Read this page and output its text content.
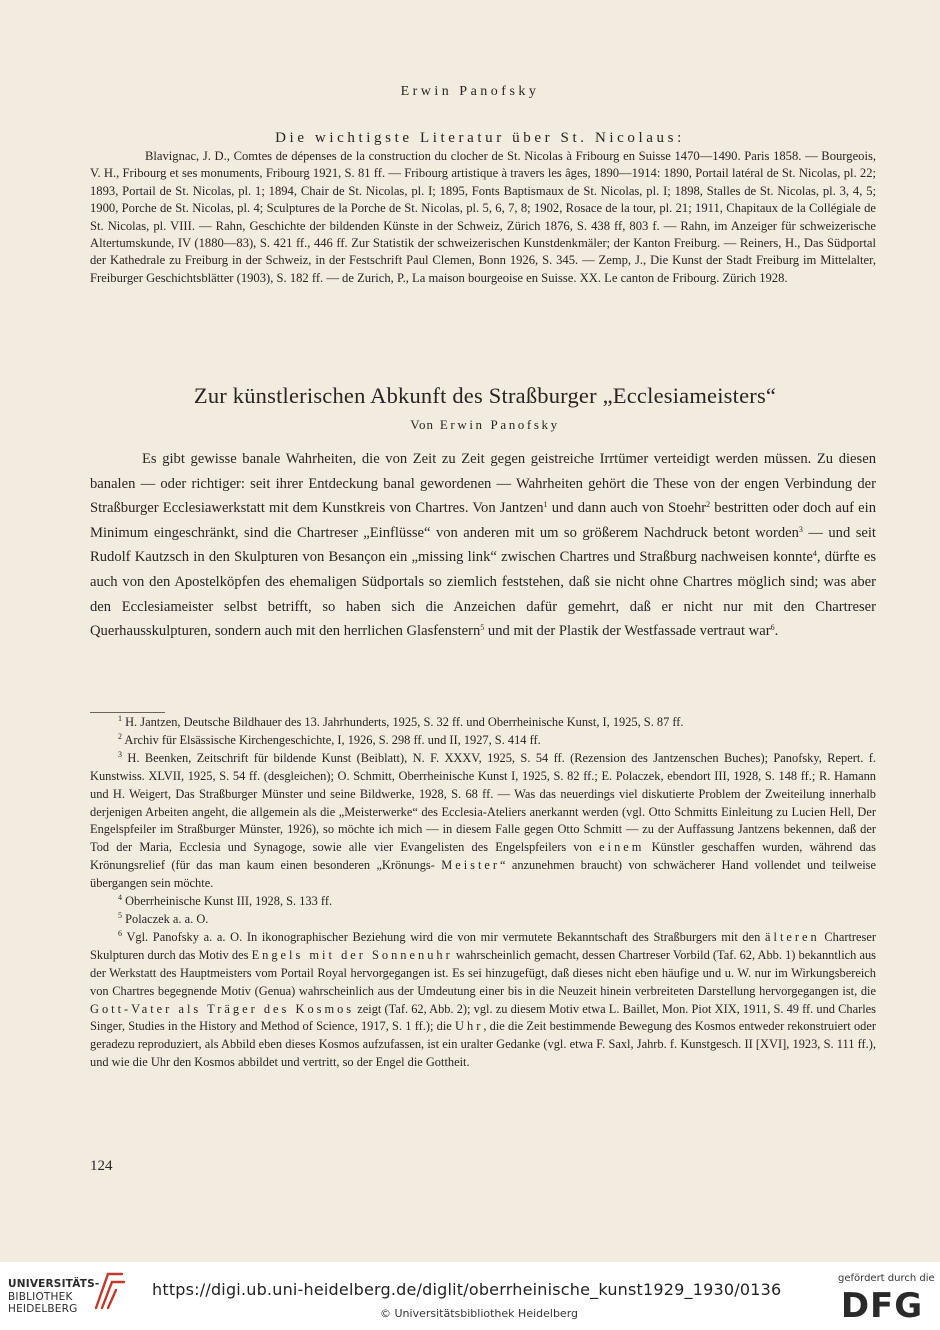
Erwin Panofsky
Die wichtigste Literatur über St. Nicolaus:

Blavignac, J. D., Comtes de dépenses de la construction du clocher de St. Nicolas à Fribourg en Suisse 1470—1490. Paris 1858. — Bourgeois, V. H., Fribourg et ses monuments, Fribourg 1921, S. 81 ff. — Fribourg artistique à travers les âges, 1890—1914: 1890, Portail latéral de St. Nicolas, pl. 22; 1893, Portail de St. Nicolas, pl. 1; 1894, Chair de St. Nicolas, pl. I; 1895, Fonts Baptismaux de St. Nicolas, pl. I; 1898, Stalles de St. Nicolas, pl. 3, 4, 5; 1900, Porche de St. Nicolas, pl. 4; Sculptures de la Porche de St. Nicolas, pl. 5, 6, 7, 8; 1902, Rosace de la tour, pl. 21; 1911, Chapitaux de la Collégiale de St. Nicolas, pl. VIII. — Rahn, Geschichte der bildenden Künste in der Schweiz, Zürich 1876, S. 438 ff, 803 f. — Rahn, im Anzeiger für schweizerische Altertumskunde, IV (1880—83), S. 421 ff., 446 ff. Zur Statistik der schweizerischen Kunstdenkmäler; der Kanton Freiburg. — Reiners, H., Das Südportal der Kathedrale zu Freiburg in der Schweiz, in der Festschrift Paul Clemen, Bonn 1926, S. 345. — Zemp, J., Die Kunst der Stadt Freiburg im Mittelalter, Freiburger Geschichtsblätter (1903), S. 182 ff. — de Zurich, P., La maison bourgeoise en Suisse. XX. Le canton de Fribourg. Zürich 1928.

Zur künstlerischen Abkunft des Straßburger „Ecclesiameisters“
Von Erwin Panofsky

Es gibt gewisse banale Wahrheiten, die von Zeit zu Zeit gegen geistreiche Irrtümer verteidigt werden müssen. Zu diesen banalen — oder richtiger: seit ihrer Entdeckung banal gewordenen — Wahrheiten gehört die These von der engen Verbindung der Straßburger Ecclesiawerkstatt mit dem Kunstkreis von Chartres. Von Jantzen$^1$ und dann auch von Stoehr$^2$ bestritten oder doch auf ein Minimum eingeschränkt, sind die Chartreser „Einflüsse“ von anderen mit um so größerem Nachdruck betont worden$^3$ — und seit Rudolf Kautzsch in den Skulpturen von Besançon ein „missing link“ zwischen Chartres und Straßburg nachweisen konnte$^4$, dürfte es auch von den Apostelköpfen des ehemaligen Südportals so ziemlich feststehen, daß sie nicht ohne Chartres möglich sind; was aber den Ecclesiameister selbst betrifft, so haben sich die Anzeichen dafür gemehrt, daß er nicht nur mit den Chartreser Querhausskulpturen, sondern auch mit den herrlichen Glasfenstern$^5$ und mit der Plastik der Westfassade vertraut war$^6$.

$^1$ H. Jantzen, Deutsche Bildhauer des 13. Jahrhunderts, 1925, S. 32 ff. und Oberrheinische Kunst, I, 1925, S. 87 ff.

$^2$ Archiv für Elsässische Kirchengeschichte, I, 1926, S. 298 ff. und II, 1927, S. 414 ff.

$^3$ H. Beenken, Zeitschrift für bildende Kunst (Beiblatt), N. F. XXXV, 1925, S. 54 ff. (Rezension des Jantzenschen Buches); Panofsky, Repert. f. Kunstwiss. XLVII, 1925, S. 54 ff. (desgleichen); O. Schmitt, Oberrheinische Kunst I, 1925, S. 82 ff.; E. Polaczek, ebendort III, 1928, S. 148 ff.; R. Hamann und H. Weigert, Das Straßburger Münster und seine Bildwerke, 1928, S. 68 ff. — Was das neuerdings viel diskutierte Problem der Zweiteilung innerhalb derjenigen Arbeiten angeht, die allgemein als die „Meisterwerke“ des Ecclesia-Ateliers anerkannt werden (vgl. Otto Schmitts Einleitung zu Lucien Hell, Der Engelspfeiler im Straßburger Münster, 1926), so möchte ich mich — in diesem Falle gegen Otto Schmitt — zu der Auffassung Jantzens bekennen, daß der Tod der Maria, Ecclesia und Synagoge, sowie alle vier Evangelisten des Engelspfeilers von einem Künstler geschaffen wurden, während das Krönungsrelief (für das man kaum einen besonderen „Krönungs- Meister“ anzunehmen braucht) von schwächerer Hand vollendet und teilweise übergangen sein möchte.

$^4$ Oberrheinische Kunst III, 1928, S. 133 ff.

$^5$ Polaczek a. a. O.

$^6$ Vgl. Panofsky a. a. O. In ikonographischer Beziehung wird die von mir vermutete Bekanntschaft des Straßburgers mit den älteren Chartreser Skulpturen durch das Motiv des Engels mit der Sonnenuhr wahrscheinlich gemacht, dessen Chartreser Vorbild (Taf. 62, Abb. 1) bekanntlich aus der Werkstatt des Hauptmeisters vom Portail Royal hervorgegangen ist. Es sei hinzugefügt, daß dieses nicht eben häufige und u. W. nur im Wirkungsbereich von Chartres begegnende Motiv (Genua) wahrscheinlich aus der Umdeutung einer bis in die Neuzeit hinein verbreiteten Darstellung hervorgegangen ist, die Gott-Vater als Träger des Kosmos zeigt (Taf. 62, Abb. 2); vgl. zu diesem Motiv etwa L. Baillet, Mon. Piot XIX, 1911, S. 49 ff. und Charles Singer, Studies in the History and Method of Science, 1917, S. 1 ff.); die Uhr, die die Zeit bestimmende Bewegung des Kosmos entweder rekonstruiert oder geradezu reproduziert, als Abbild eben dieses Kosmos aufzufassen, ist ein uralter Gedanke (vgl. etwa F. Saxl, Jahrb. f. Kunstgesch. II [XVI], 1923, S. 111 ff.), und wie die Uhr den Kosmos abbildet und vertritt, so der Engel die Gottheit.

124
UNIVERSITÄTS-
BIBLIOTHEK
HEIDELBERG
https://digi.ub.uni-heidelberg.de/diglit/oberrheinische_kunst1929_1930/0136
© Universitätsbibliothek Heidelberg
gefördert durch die
DFG
